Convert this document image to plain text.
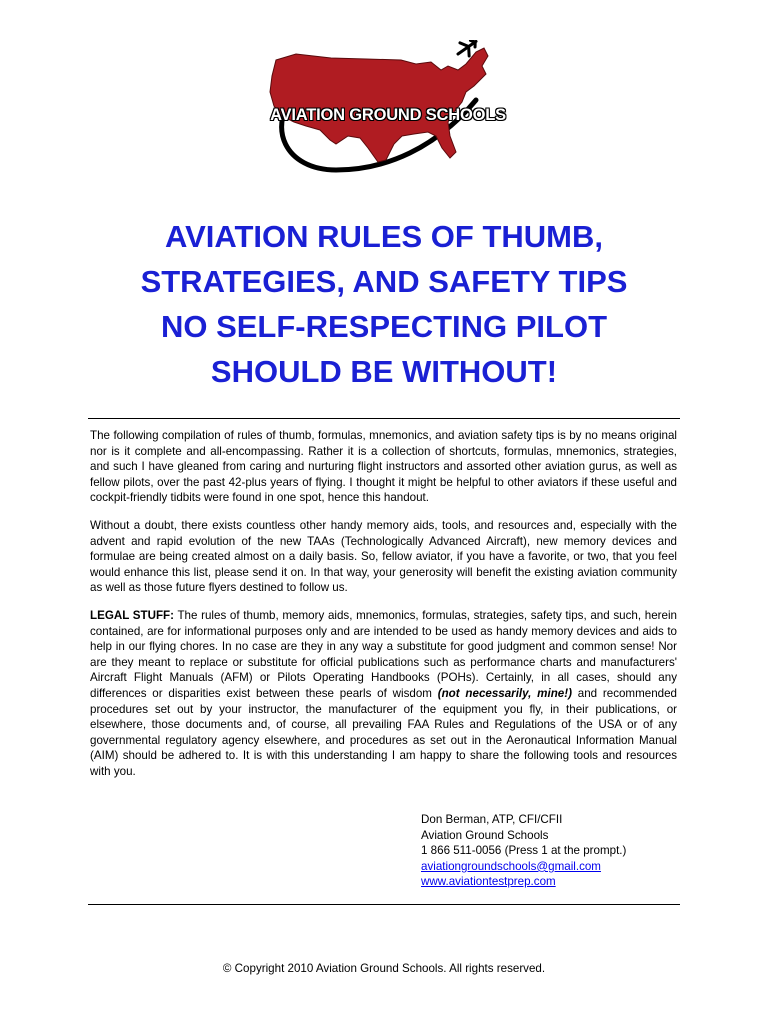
AVIATION GROUND SCHOOLS
AVIATION RULES OF THUMB,
STRATEGIES, AND SAFETY TIPS
NO SELF-RESPECTING PILOT
SHOULD BE WITHOUT!

The following compilation of rules of thumb, formulas, mnemonics, and aviation safety tips is by no means original nor is it complete and all-encompassing. Rather it is a collection of shortcuts, formulas, mnemonics, strategies, and such I have gleaned from caring and nurturing flight instructors and assorted other aviation gurus, as well as fellow pilots, over the past 42-plus years of flying. I thought it might be helpful to other aviators if these useful and cockpit-friendly tidbits were found in one spot, hence this handout.

Without a doubt, there exists countless other handy memory aids, tools, and resources and, especially with the advent and rapid evolution of the new TAAs (Technologically Advanced Aircraft), new memory devices and formulae are being created almost on a daily basis. So, fellow aviator, if you have a favorite, or two, that you feel would enhance this list, please send it on. In that way, your generosity will benefit the existing aviation community as well as those future flyers destined to follow us.

LEGAL STUFF: The rules of thumb, memory aids, mnemonics, formulas, strategies, safety tips, and such, herein contained, are for informational purposes only and are intended to be used as handy memory devices and aids to help in our flying chores. In no case are they in any way a substitute for good judgment and common sense! Nor are they meant to replace or substitute for official publications such as performance charts and manufacturers' Aircraft Flight Manuals (AFM) or Pilots Operating Handbooks (POHs). Certainly, in all cases, should any differences or disparities exist between these pearls of wisdom (not necessarily, mine!) and recommended procedures set out by your instructor, the manufacturer of the equipment you fly, in their publications, or elsewhere, those documents and, of course, all prevailing FAA Rules and Regulations of the USA or of any governmental regulatory agency elsewhere, and procedures as set out in the Aeronautical Information Manual (AIM) should be adhered to. It is with this understanding I am happy to share the following tools and resources with you.

Don Berman, ATP, CFI/CFII
Aviation Ground Schools
1 866 511-0056 (Press 1 at the prompt.)
aviationgroundschools@gmail.com
www.aviationtestprep.com
© Copyright 2010 Aviation Ground Schools. All rights reserved.
